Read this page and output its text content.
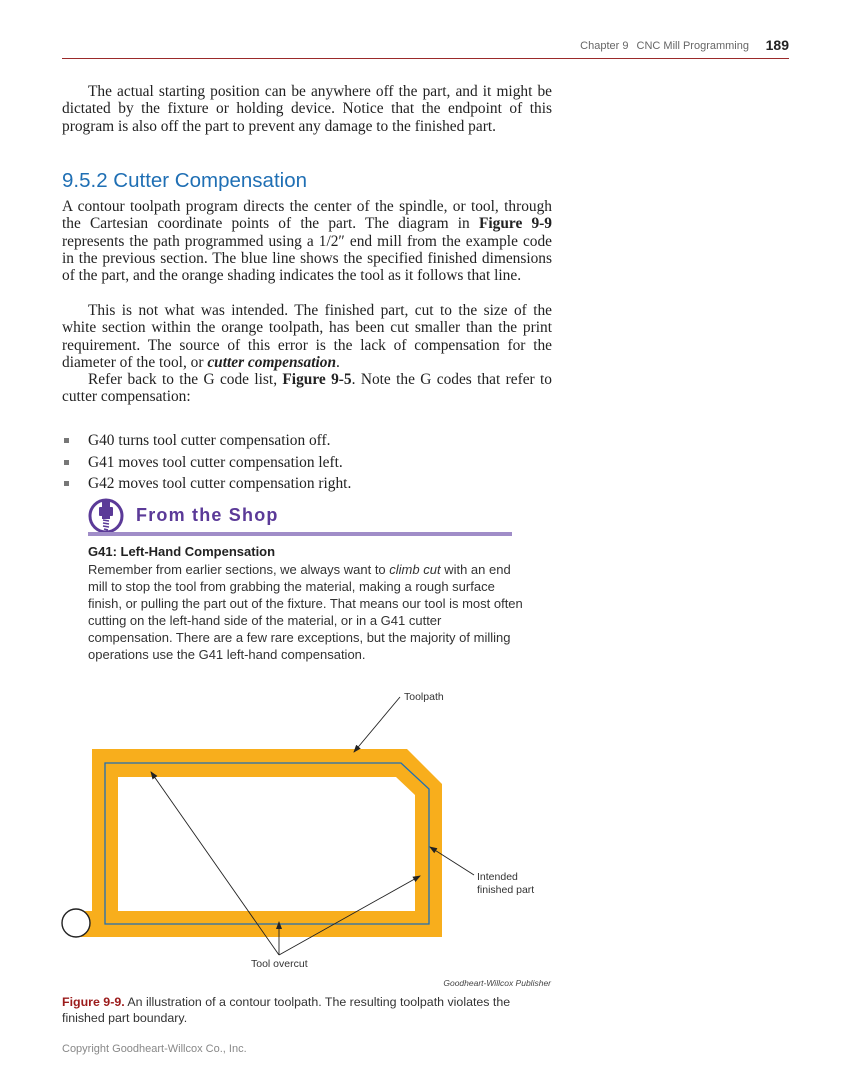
Chapter 9 CNC Mill Programming 189

The actual starting position can be anywhere off the part, and it might be dictated by the fixture or holding device. Notice that the endpoint of this program is also off the part to prevent any damage to the finished part.

9.5.2 Cutter Compensation

A contour toolpath program directs the center of the spindle, or tool, through the Cartesian coordinate points of the part. The diagram in Figure 9-9 represents the path programmed using a 1/2″ end mill from the example code in the previous section. The blue line shows the specified finished dimensions of the part, and the orange shading indicates the tool as it follows that line.

This is not what was intended. The finished part, cut to the size of the white section within the orange toolpath, has been cut smaller than the print requirement. The source of this error is the lack of compensation for the diameter of the tool, or cutter compensation.

Refer back to the G code list, Figure 9-5. Note the G codes that refer to cutter compensation:

G40 turns tool cutter compensation off.
G41 moves tool cutter compensation left.
G42 moves tool cutter compensation right.
From the Shop
G41: Left-Hand Compensation

Remember from earlier sections, we always want to climb cut with an end mill to stop the tool from grabbing the material, making a rough surface finish, or pulling the part out of the fixture. That means our tool is most often cutting on the left-hand side of the material, or in a G41 cutter compensation. There are a few rare exceptions, but the majority of milling operations use the G41 left-hand compensation.

Toolpath
Intended
finished part
Tool overcut
Goodheart-Willcox Publisher

Figure 9-9. An illustration of a contour toolpath. The resulting toolpath violates the finished part boundary.

Copyright Goodheart-Willcox Co., Inc.
